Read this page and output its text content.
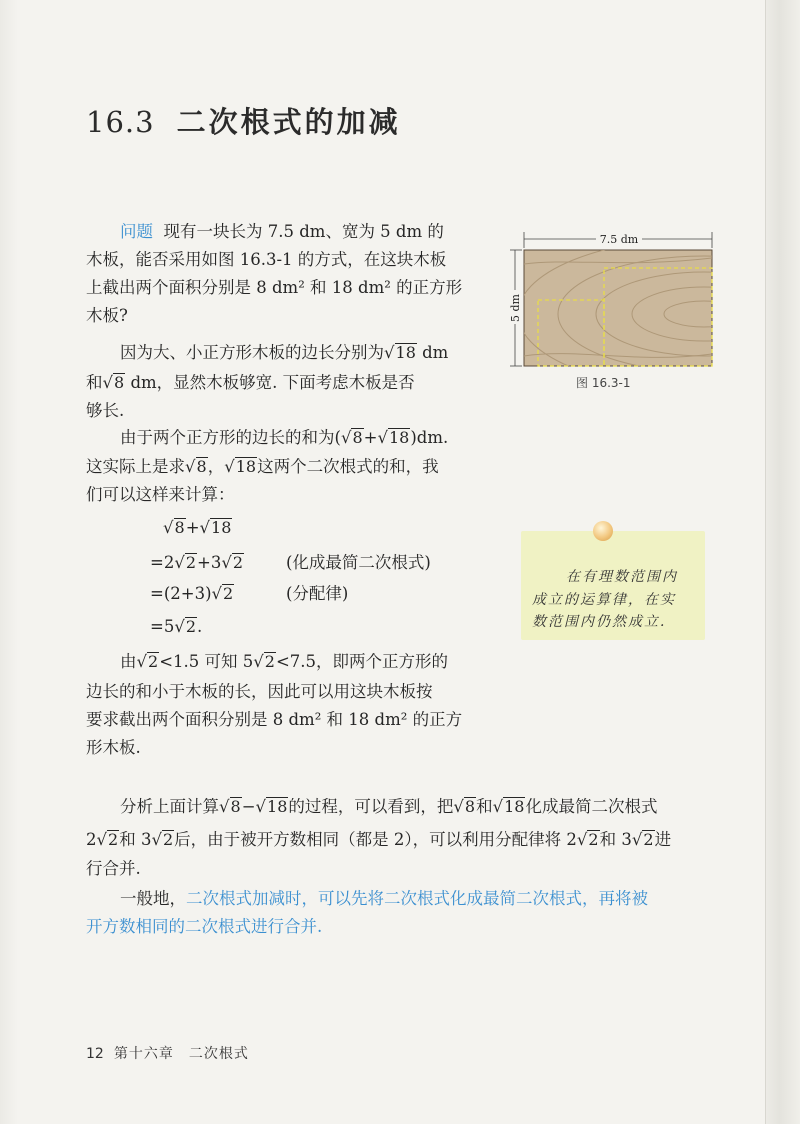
16.3 二次根式的加减
问题 现有一块长为 7.5 dm、宽为 5 dm 的
木板，能否采用如图 16.3-1 的方式，在这块木板
上截出两个面积分别是 8 dm² 和 18 dm² 的正方形
木板?
因为大、小正方形木板的边长分别为√18 dm
和√8 dm，显然木板够宽. 下面考虑木板是否
够长.
由于两个正方形的边长的和为(√8+√18)dm.
这实际上是求√8，√18这两个二次根式的和，我
们可以这样来计算：
√8+√18
=2√2+3√2	(化成最简二次根式)
=(2+3)√2	(分配律)
=5√2.
由√2<1.5 可知 5√2<7.5，即两个正方形的
边长的和小于木板的长，因此可以用这块木板按
要求截出两个面积分别是 8 dm² 和 18 dm² 的正方
形木板.
分析上面计算√8−√18的过程，可以看到，把√8和√18化成最简二次根式
2√2和 3√2后，由于被开方数相同（都是 2），可以利用分配律将 2√2和 3√2进
行合并.
一般地，二次根式加减时，可以先将二次根式化成最简二次根式，再将被
开方数相同的二次根式进行合并.
7.5 dm
5 dm
图 16.3-1
在有理数范围内
成立的运算律，在实
数范围内仍然成立.
12 第十六章　二次根式
